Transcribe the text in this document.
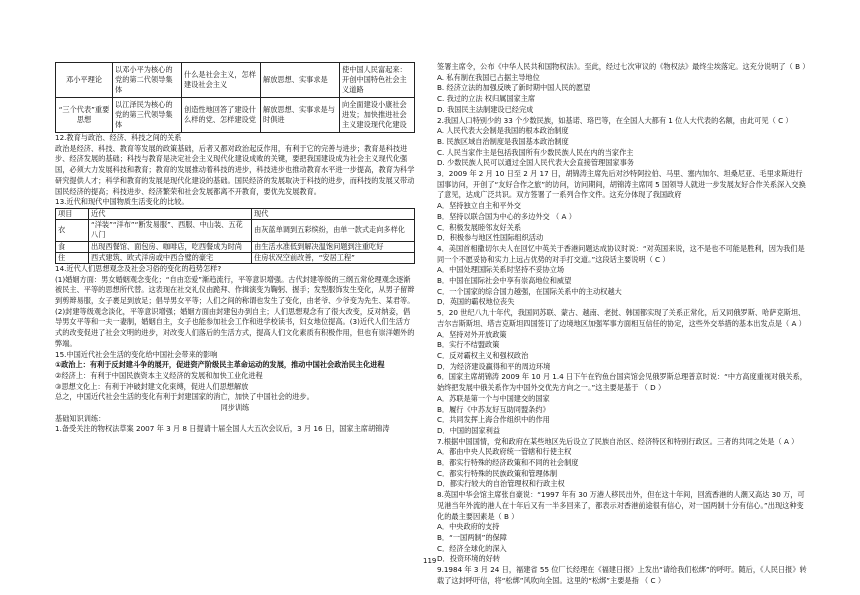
邓小平理论	以邓小平为核心的党的第二代领导集体	什么是社会主义，怎样建设社会主义	解放思想、实事求是	使中国人民富起来：开创中国特色社会主义道路
“三个代表”重要思想	以江泽民为核心的党的第三代领导集体	创造性地回答了建设什么样的党、怎样建设党	解放思想、实事求是与时俱进	向全面建设小康社会进发；加快推进社会主义建设现代化建设

12.教育与政治、经济、科技之间的关系

政治是经济、科技、教育等发展的政策基础，后者又都对政治起反作用，有利于它的完善与进步；教育是科技进步、经济发展的基础；科技与教育是决定社会主义现代化建设成败的关键，要把我国建设成为社会主义现代化强国，必须大力发展科技和教育；教育的发展推动着科技的进步，科技进步也推动教育水平进一步提高，教育为科学研究提供人才；科学和教育的发展是现代化建设的基础。国民经济的发展取决于科技的进步，而科技的发展又带动国民经济的提高；科技进步、经济繁荣和社会发展都离不开教育，要优先发展教育。

13.近代和现代中国物质生活变化的比较。

项目	近代	现代
衣	“洋装”“洋布”“断发易服”、西服、中山装、五花八门	由灰蓝单调到五彩缤纷，由单一款式走向多样化
食	出现西餐馆、面包房、咖啡店，吃西餐成为时尚	由生活水准低到解决温饱问题到注重吃好
住	西式建筑、欧式洋房或中西合璧的豪宅	住房状况空前改善，“安居工程”

14.近代人们思想观念及社会习俗的变化的趋势怎样?

(1)婚姻方面：男女婚姻观念变化；“自由恋爱”渐趋流行，平等意识增强。古代封建等级的三纲五常伦理观念逐渐被民主、平等的思想所代替。这表现在社交礼仪由跪拜、作揖演变为鞠躬、握手；发型服饰发生变化，从男子留辫到剪辫易服，女子裹足到放足；倡导男女平等；人们之间的称谓也发生了变化，由老爷、少爷变为先生、某君等。(2)封建等级观念淡化，平等意识增强；婚姻方面由封建包办到自主；人们思想观念有了很大改变，反对纳妾，倡导男女平等和一夫一妻制，婚姻自主，女子也能参加社会工作和进学校读书，妇女地位提高。(3)近代人们生活方式的改变促进了社会文明的进步，对改变人们落后的生活方式，提高人们文化素质有积极作用，但也有崇洋媚外的弊端。

15.中国近代社会生活的变化给中国社会带来的影响

①政治上：有利于反封建斗争的展开，促进资产阶级民主革命运动的发展，推动中国社会政治民主化进程

②经济上：有利于中国民族资本主义经济的发展和加快工业化进程

③思想文化上：有利于冲破封建文化束缚，促进人们思想解放

总之，中国近代社会生活的变化有利于封建国家的消亡，加快了中国社会的进步。

同步训练

基础知识训练：

1.备受关注的物权法草案 2007 年 3 月 8 日提请十届全国人大五次会议后，3 月 16 日，国家主席胡锦涛

签署主席令，公布《中华人民共和国物权法》。至此，经过七次审议的《物权法》最终尘埃落定。这充分说明了（ B ）

A. 私有制在我国已占据主导地位

B. 经济立法的加强反映了新时期中国人民的愿望

C. 我过的立法 权归属国家主席

D. 我国民主法制建设已经完成

2.我国人口特别少的 33 个少数民族，如基诺、珞巴等，在全国人大都有 1 位人大代表的名额，由此可见（ C ）

A. 人民代表大会制是我国的根本政治制度

B. 民族区域自治制度是我国基本政治制度

C. 人民当家作主是包括我国所有少数民族人民在内的当家作主

D. 少数民族人民可以通过全国人民代表大会直接管理国家事务

3．2009 年 2 月 10 日至 2 月 17 日，胡锦涛主席先后对沙特阿拉伯、马里、塞内加尔、坦桑尼亚、毛里求斯进行国事访问，开创了“友好合作之旅”的访问，访问期间，胡锦涛主席同 5 国领导人就进一步发展友好合作关系深入交换了意见，达成广泛共识。双方签署了一系列合作文件。这充分体现了我国政府

A．坚持独立自主和平外交

B．坚持以联合国为中心的多边外交 （ A ）

C．积极发展睦邻友好关系

D．积极参与地区性国际组织活动

4．美国首相撒切尔夫人在回忆中英关于香港问题达成协议时说：“对英国来说，这不是也不可能是胜利，因为我们是同一个不愿妥协和实力上远占优势的对手打交道。”这段话主要说明（ C ）

A．中国处理国际关系时坚持不妥协立场

B．中国在国际社会中享有崇高地位和威望

C．一个国家的综合国力越强，在国际关系中的主动权越大

D．英国的霸权地位丧失

5．20 世纪八九十年代，我国同苏联、蒙古、越南、老挝、韩国都实现了关系正常化，后又同俄罗斯、哈萨克斯坦、吉尔吉斯斯坦、塔吉克斯坦四国签订了边境地区加强军事方面相互信任的协定，这些外交举措的基本出发点是（ A ）

A．坚持对外开放政策

B．实行不结盟政策

C．反对霸权主义和强权政治

D．为经济建设赢得和平的周边环境

6．国家主席胡锦涛 2009 年 10 月 1.4 日下午在钓鱼台国宾馆会见俄罗斯总理普京时说：“中方高度重视对俄关系，始终把发展中俄关系作为中国外交优先方向之一。”这主要是基于 （ D ）

A．苏联是第一个与中国建交的国家

B．履行《中苏友好互助同盟条约》

C．共同发挥上海合作组织中的作用

D．中国的国家利益

7.根据中国国情，党和政府在某些地区先后设立了民族自治区、经济特区和特别行政区。三者的共同之处是（ A ）

A．都由中央人民政府统一管辖和行使主权

B．都实行特殊的经济政策和不同的社会制度

C．都实行特殊的民族政策和管理体制

D．都实行较大的自治管理权和行政主权

8.英国中华会馆主席张自豪说：“1997 年有 30 万港人移民出外，但在这十年间，回流香港的人潮又高达 30 万，可见港当年外流的港人在十年后又有一半多回来了，都表示对香港前途很有信心，对一国两制十分有信心。”出现这种变化的最主要因素是（ B ）

A．中央政府的支持

B．“一国两制”的保障

C．经济全球化的深入

D．投资环境的好转

9.1984 年 3 月 24 日，福建省 55 位厂长经理在《福建日报》上发出“请给我们松绑”的呼吁。随后，《人民日报》转载了这封呼吁信，将“松绑”风吹向全国。这里的“松绑”主要是指 （ C ）

119
